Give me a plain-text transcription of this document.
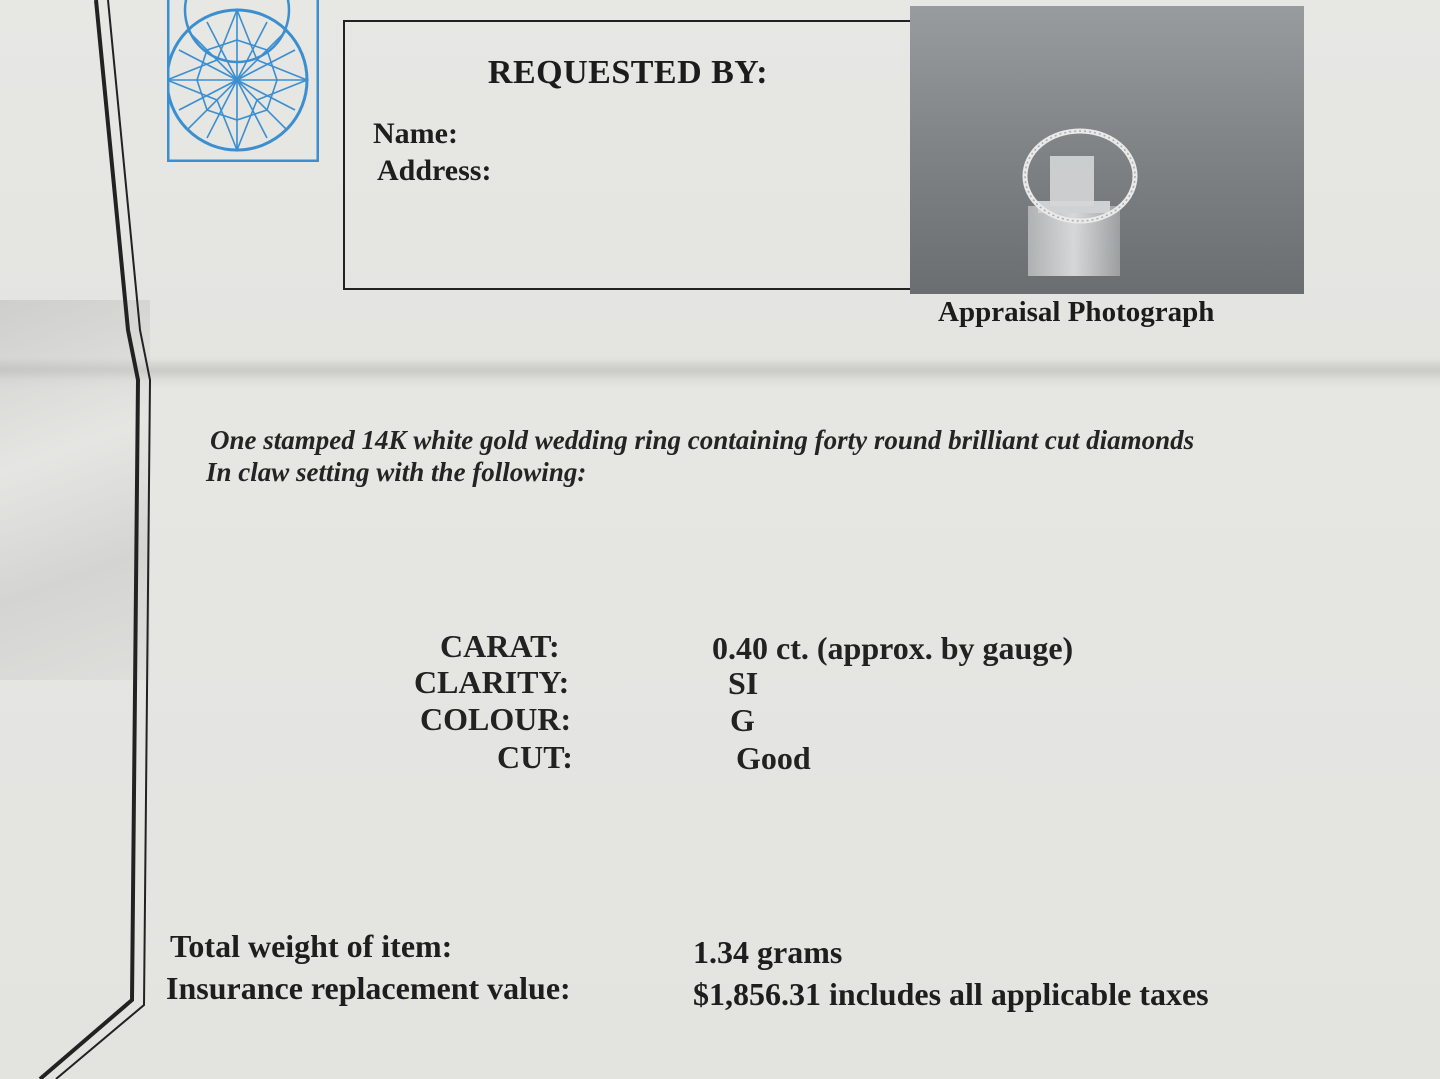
REQUESTED BY:
Name:
Address:
Appraisal Photograph
One stamped 14K white gold wedding ring containing forty round brilliant cut diamonds
In claw setting with the following:
CARAT:	0.40 ct. (approx. by gauge)
CLARITY:	SI
COLOUR:	G
CUT:	Good
Total weight of item:	1.34 grams
Insurance replacement value:	$1,856.31 includes all applicable taxes
